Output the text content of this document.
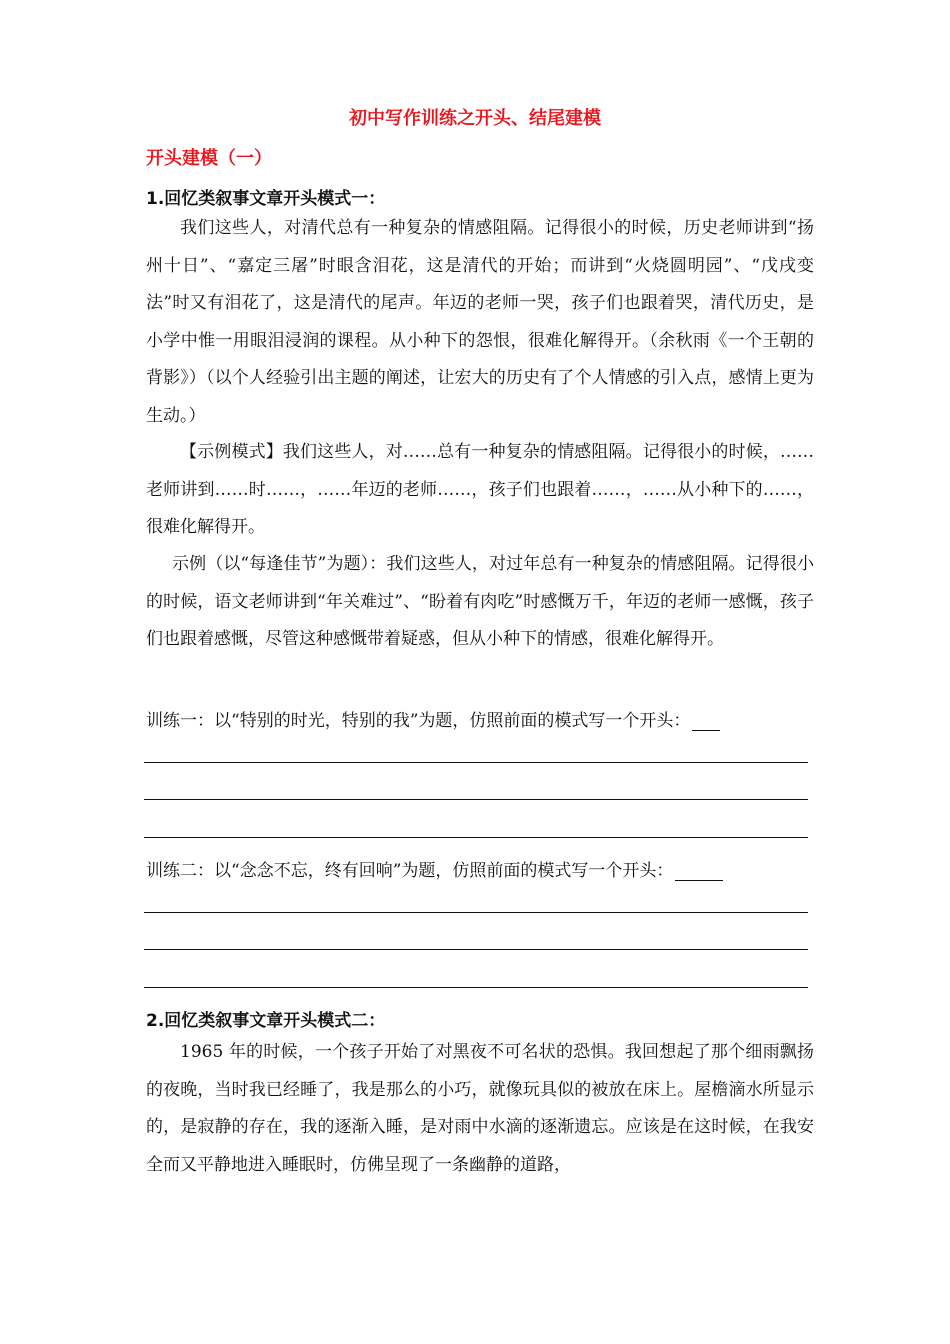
初中写作训练之开头、结尾建模
开头建模（一）
1.回忆类叙事文章开头模式一：

我们这些人，对清代总有一种复杂的情感阻隔。记得很小的时候，历史老师讲到“扬州十日”、“嘉定三屠”时眼含泪花，这是清代的开始；而讲到“火烧圆明园”、“戊戌变法”时又有泪花了，这是清代的尾声。年迈的老师一哭，孩子们也跟着哭，清代历史，是小学中惟一用眼泪浸润的课程。从小种下的怨恨，很难化解得开。（余秋雨《一个王朝的背影》）（以个人经验引出主题的阐述，让宏大的历史有了个人情感的引入点，感情上更为生动。）

【示例模式】我们这些人，对……总有一种复杂的情感阻隔。记得很小的时候，……老师讲到……时……，……年迈的老师……，孩子们也跟着……，……从小种下的……，很难化解得开。

示例（以“每逢佳节”为题）：我们这些人，对过年总有一种复杂的情感阻隔。记得很小的时候，语文老师讲到“年关难过”、“盼着有肉吃”时感慨万千，年迈的老师一感慨，孩子们也跟着感慨，尽管这种感慨带着疑惑，但从小种下的情感，很难化解得开。

训练一：以“特别的时光，特别的我”为题，仿照前面的模式写一个开头：
训练二：以“念念不忘，终有回响”为题，仿照前面的模式写一个开头：
2.回忆类叙事文章开头模式二：

1965 年的时候，一个孩子开始了对黑夜不可名状的恐惧。我回想起了那个细雨飘扬的夜晚，当时我已经睡了，我是那么的小巧，就像玩具似的被放在床上。屋檐滴水所显示的，是寂静的存在，我的逐渐入睡，是对雨中水滴的逐渐遗忘。应该是在这时候，在我安全而又平静地进入睡眠时，仿佛呈现了一条幽静的道路，
